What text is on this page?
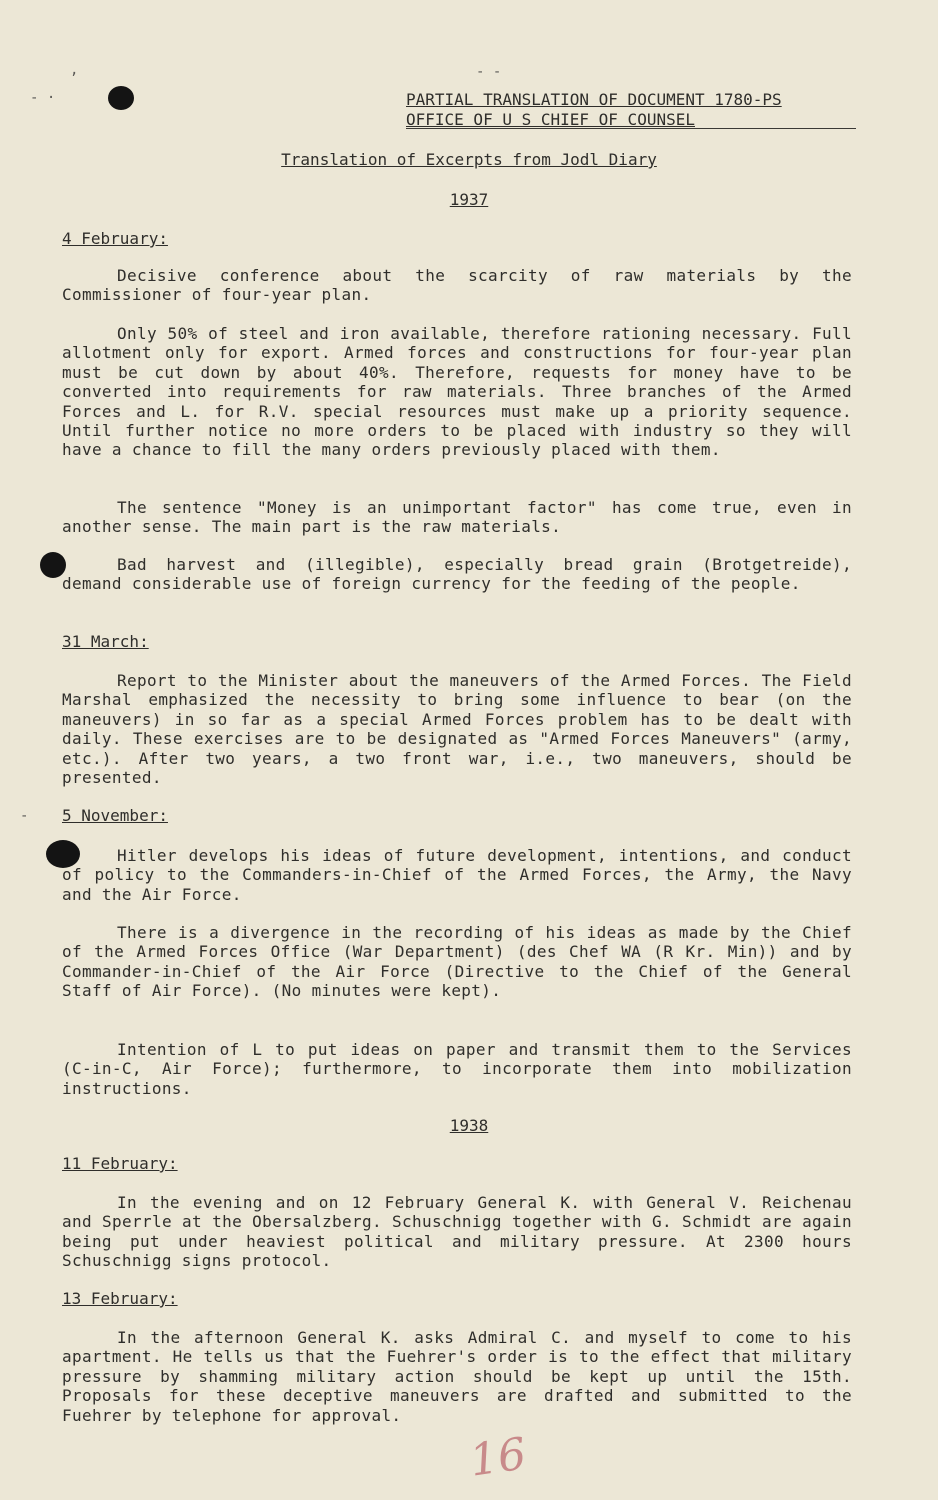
,
- ·
- -
-
PARTIAL TRANSLATION OF DOCUMENT 1780-PS
OFFICE OF U S CHIEF OF COUNSEL
Translation of Excerpts from Jodl Diary
1937
4 February:
Decisive conference about the scarcity of raw materials by the Commissioner of four-year plan.
Only 50% of steel and iron available, therefore rationing necessary. Full allotment only for export. Armed forces and constructions for four-year plan must be cut down by about 40%. Therefore, requests for money have to be converted into requirements for raw materials. Three branches of the Armed Forces and L. for R.V. special resources must make up a priority sequence. Until further notice no more orders to be placed with industry so they will have a chance to fill the many orders previously placed with them.
The sentence "Money is an unimportant factor" has come true, even in another sense. The main part is the raw materials.
Bad harvest and (illegible), especially bread grain (Brotgetreide), demand considerable use of foreign currency for the feeding of the people.
31 March:
Report to the Minister about the maneuvers of the Armed Forces. The Field Marshal emphasized the necessity to bring some influence to bear (on the maneuvers) in so far as a special Armed Forces problem has to be dealt with daily. These exercises are to be designated as "Armed Forces Maneuvers" (army, etc.). After two years, a two front war, i.e., two maneuvers, should be presented.
5 November:
Hitler develops his ideas of future development, intentions, and conduct of policy to the Commanders-in-Chief of the Armed Forces, the Army, the Navy and the Air Force.
There is a divergence in the recording of his ideas as made by the Chief of the Armed Forces Office (War Department) (des Chef WA (R Kr. Min)) and by Commander-in-Chief of the Air Force (Directive to the Chief of the General Staff of Air Force). (No minutes were kept).
Intention of L to put ideas on paper and transmit them to the Services (C-in-C, Air Force); furthermore, to incorporate them into mobilization instructions.
1938
11 February:
In the evening and on 12 February General K. with General V. Reichenau and Sperrle at the Obersalzberg. Schuschnigg together with G. Schmidt are again being put under heaviest political and military pressure. At 2300 hours Schuschnigg signs protocol.
13 February:
In the afternoon General K. asks Admiral C. and myself to come to his apartment. He tells us that the Fuehrer's order is to the effect that military pressure by shamming military action should be kept up until the 15th. Proposals for these deceptive maneuvers are drafted and submitted to the Fuehrer by telephone for approval.
16
